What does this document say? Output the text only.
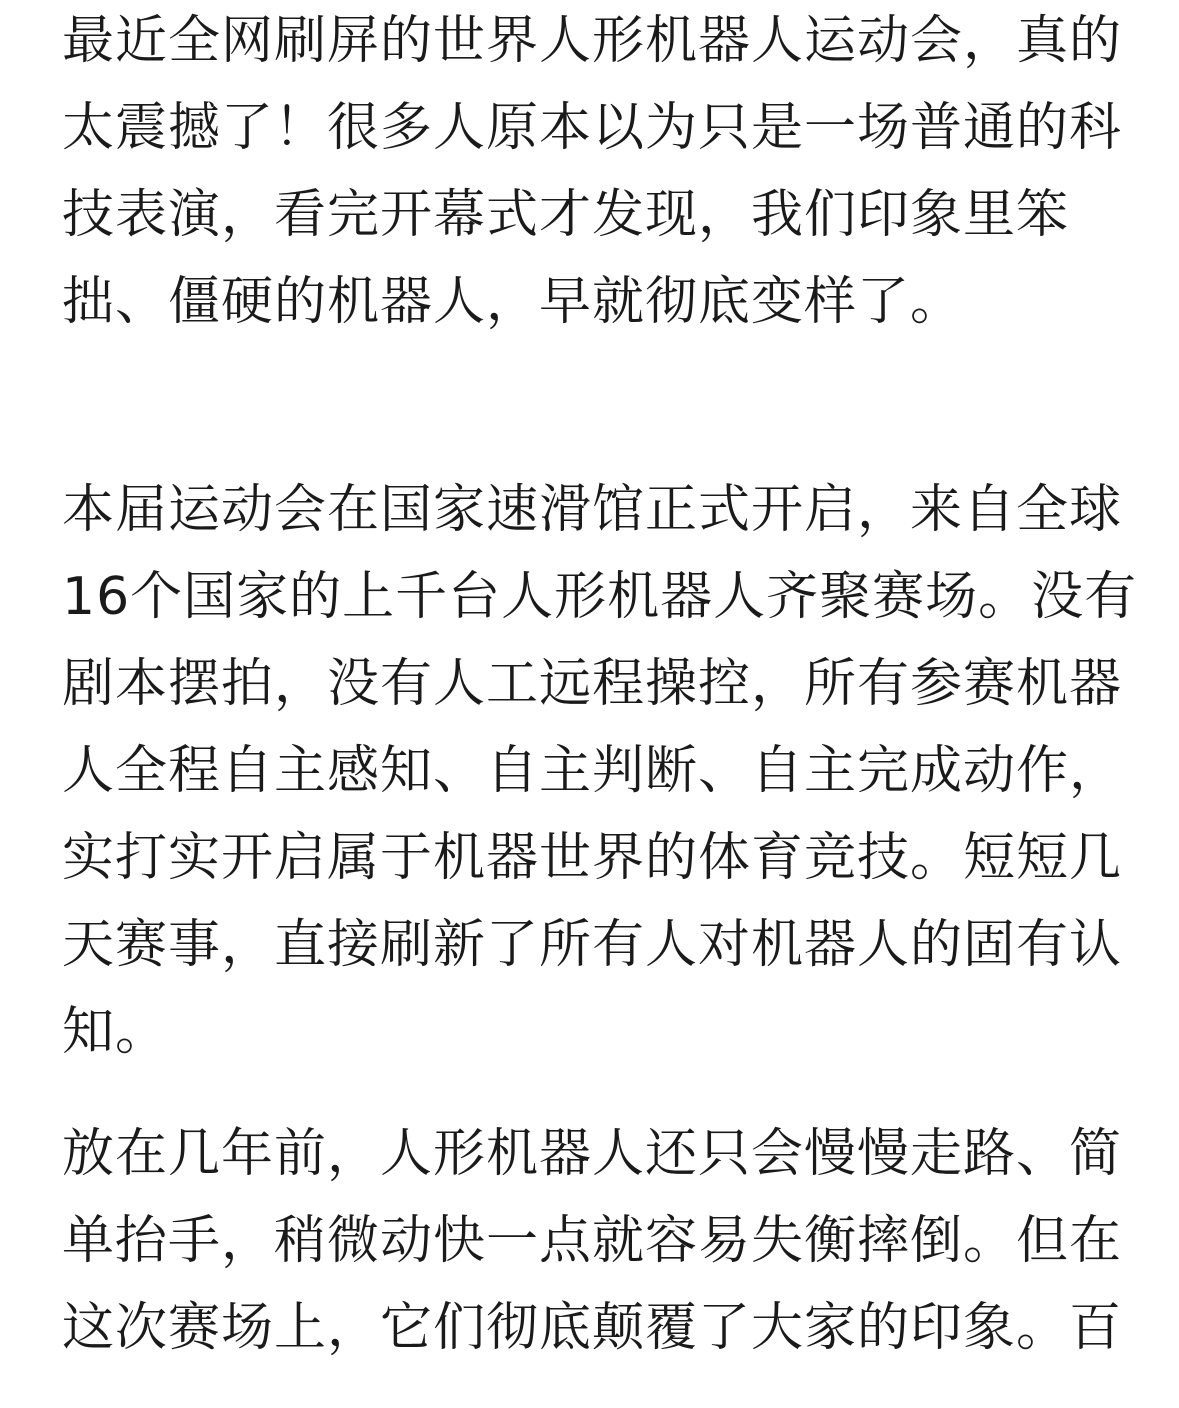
最近全网刷屏的世界人形机器人运动会，真的
太震撼了！很多人原本以为只是一场普通的科
技表演，看完开幕式才发现，我们印象里笨
拙、僵硬的机器人，早就彻底变样了。

本届运动会在国家速滑馆正式开启，来自全球
16个国家的上千台人形机器人齐聚赛场。没有
剧本摆拍，没有人工远程操控，所有参赛机器
人全程自主感知、自主判断、自主完成动作，
实打实开启属于机器世界的体育竞技。短短几
天赛事，直接刷新了所有人对机器人的固有认
知。

放在几年前，人形机器人还只会慢慢走路、简
单抬手，稍微动快一点就容易失衡摔倒。但在
这次赛场上，它们彻底颠覆了大家的印象。百
